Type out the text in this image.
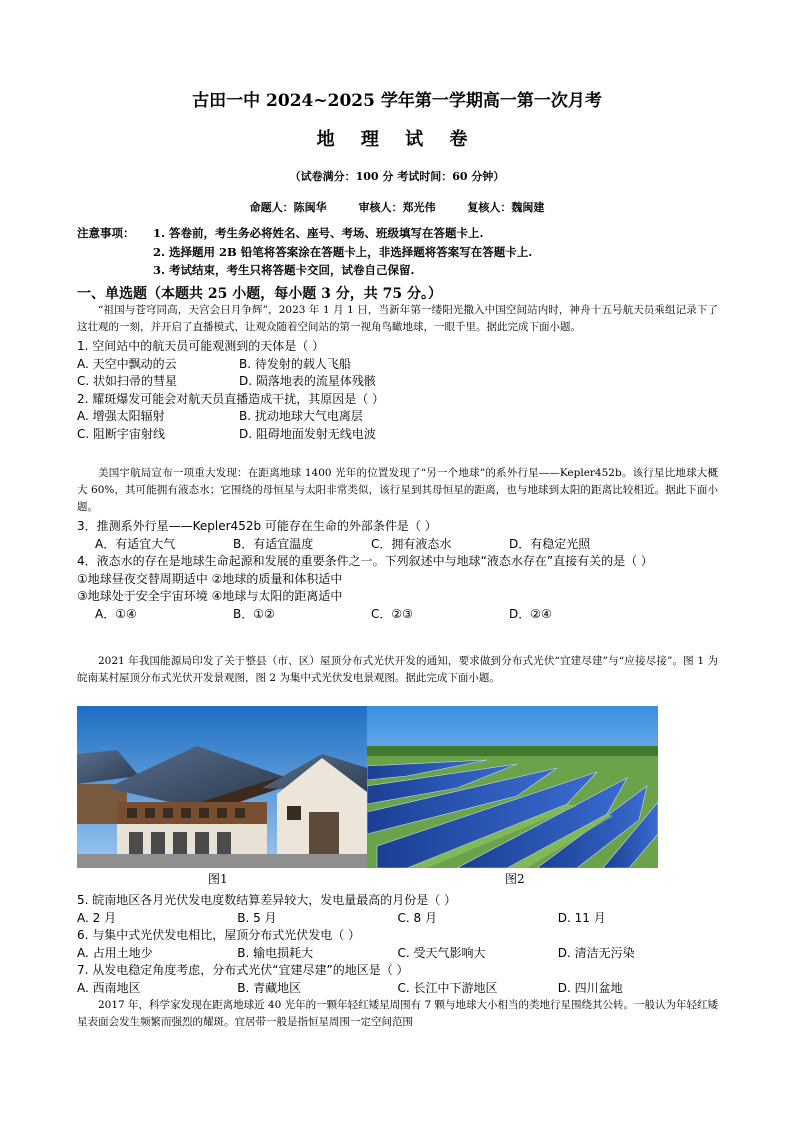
古田一中 2024~2025 学年第一学期高一第一次月考
地 理 试 卷
（试卷满分：100 分 考试时间：60 分钟）
命题人：陈闽华	审核人：郑光伟	复核人：魏闽建
注意事项： 1. 答卷前，考生务必将姓名、座号、考场、班级填写在答题卡上.
2. 选择题用 2B 铅笔将答案涂在答题卡上，非选择题将答案写在答题卡上.
3. 考试结束，考生只将答题卡交回，试卷自己保留.
一、单选题（本题共 25 小题，每小题 3 分，共 75 分。）
“祖国与苍穹同高，天宫会日月争辉”，2023 年 1 月 1 日，当新年第一缕阳光撒入中国空间站内时，神舟十五号航天员乘组记录下了这壮观的一刻，并开启了直播模式，让观众随着空间站的第一视角鸟瞰地球，一眼千里。据此完成下面小题。
1. 空间站中的航天员可能观测到的天体是（ ）
A. 天空中飘动的云	B. 待发射的载人飞船
C. 状如扫帚的彗星	D. 陨落地表的流星体残骸
2. 耀斑爆发可能会对航天员直播造成干扰，其原因是（ ）
A. 增强太阳辐射	B. 扰动地球大气电离层
C. 阻断宇宙射线	D. 阻碍地面发射无线电波
美国宇航局宣布一项重大发现：在距离地球 1400 光年的位置发现了“另一个地球”的系外行星——Kepler452b。该行星比地球大概大 60%，其可能拥有液态水；它围绕的母恒星与太阳非常类似，该行星到其母恒星的距离，也与地球到太阳的距离比较相近。据此下面小题。
3．推测系外行星——Kepler452b 可能存在生命的外部条件是（ ）
A．有适宜大气	B．有适宜温度	C．拥有液态水	D．有稳定光照
4．液态水的存在是地球生命起源和发展的重要条件之一。下列叙述中与地球“液态水存在”直接有关的是（ ）
①地球昼夜交替周期适中 ②地球的质量和体积适中
③地球处于安全宇宙环境 ④地球与太阳的距离适中
A．①④	B．①②	C．②③	D．②④
2021 年我国能源局印发了关于整县（市、区）屋顶分布式光伏开发的通知，要求做到分布式光伏“宜建尽建”与“应接尽接”。图 1 为皖南某村屋顶分布式光伏开发景观图，图 2 为集中式光伏发电景观图。据此完成下面小题。
图1	图2
5. 皖南地区各月光伏发电度数结算差异较大，发电量最高的月份是（ ）
A. 2 月	B. 5 月	C. 8 月	D. 11 月
6. 与集中式光伏发电相比，屋顶分布式光伏发电（ ）
A. 占用土地少	B. 输电损耗大	C. 受天气影响大	D. 清洁无污染
7. 从发电稳定角度考虑，分布式光伏“宜建尽建”的地区是（ ）
A. 西南地区	B. 青藏地区	C. 长江中下游地区	D. 四川盆地
2017 年，科学家发现在距离地球近 40 光年的一颗年轻红矮星周围有 7 颗与地球大小相当的类地行星围绕其公转。一般认为年轻红矮星表面会发生频繁而强烈的耀斑。宜居带一般是指恒星周围一定空间范围
